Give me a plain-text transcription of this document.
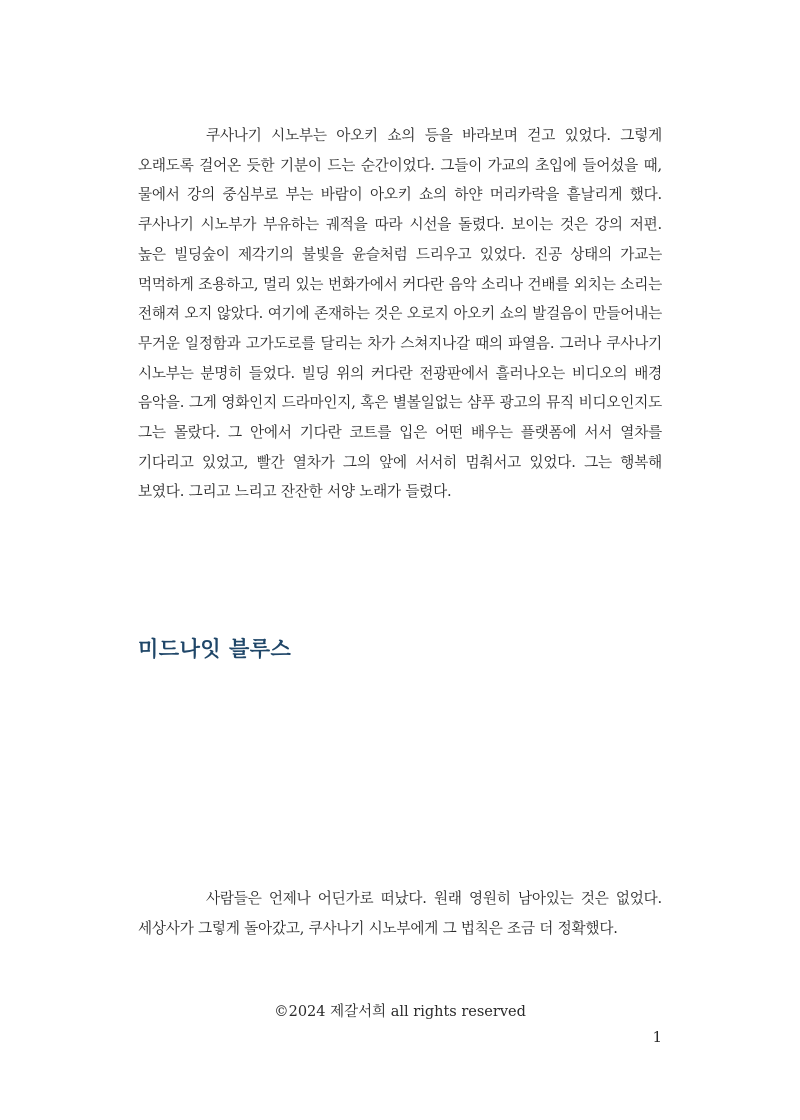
쿠사나기 시노부는 아오키 쇼의 등을 바라보며 걷고 있었다. 그렇게 오래도록 걸어온 듯한 기분이 드는 순간이었다. 그들이 가교의 초입에 들어섰을 때, 물에서 강의 중심부로 부는 바람이 아오키 쇼의 하얀 머리카락을 흩날리게 했다. 쿠사나기 시노부가 부유하는 궤적을 따라 시선을 돌렸다. 보이는 것은 강의 저편. 높은 빌딩숲이 제각기의 불빛을 윤슬처럼 드리우고 있었다. 진공 상태의 가교는 먹먹하게 조용하고, 멀리 있는 번화가에서 커다란 음악 소리나 건배를 외치는 소리는 전해져 오지 않았다. 여기에 존재하는 것은 오로지 아오키 쇼의 발걸음이 만들어내는 무거운 일정함과 고가도로를 달리는 차가 스쳐지나갈 때의 파열음. 그러나 쿠사나기 시노부는 분명히 들었다. 빌딩 위의 커다란 전광판에서 흘러나오는 비디오의 배경 음악을. 그게 영화인지 드라마인지, 혹은 별볼일없는 샴푸 광고의 뮤직 비디오인지도 그는 몰랐다. 그 안에서 기다란 코트를 입은 어떤 배우는 플랫폼에 서서 열차를 기다리고 있었고, 빨간 열차가 그의 앞에 서서히 멈춰서고 있었다. 그는 행복해 보였다. 그리고 느리고 잔잔한 서양 노래가 들렸다.

미드나잇 블루스

사람들은 언제나 어딘가로 떠났다. 원래 영원히 남아있는 것은 없었다. 세상사가 그렇게 돌아갔고, 쿠사나기 시노부에게 그 법칙은 조금 더 정확했다.

©2024 제갈서희 all rights reserved
1
